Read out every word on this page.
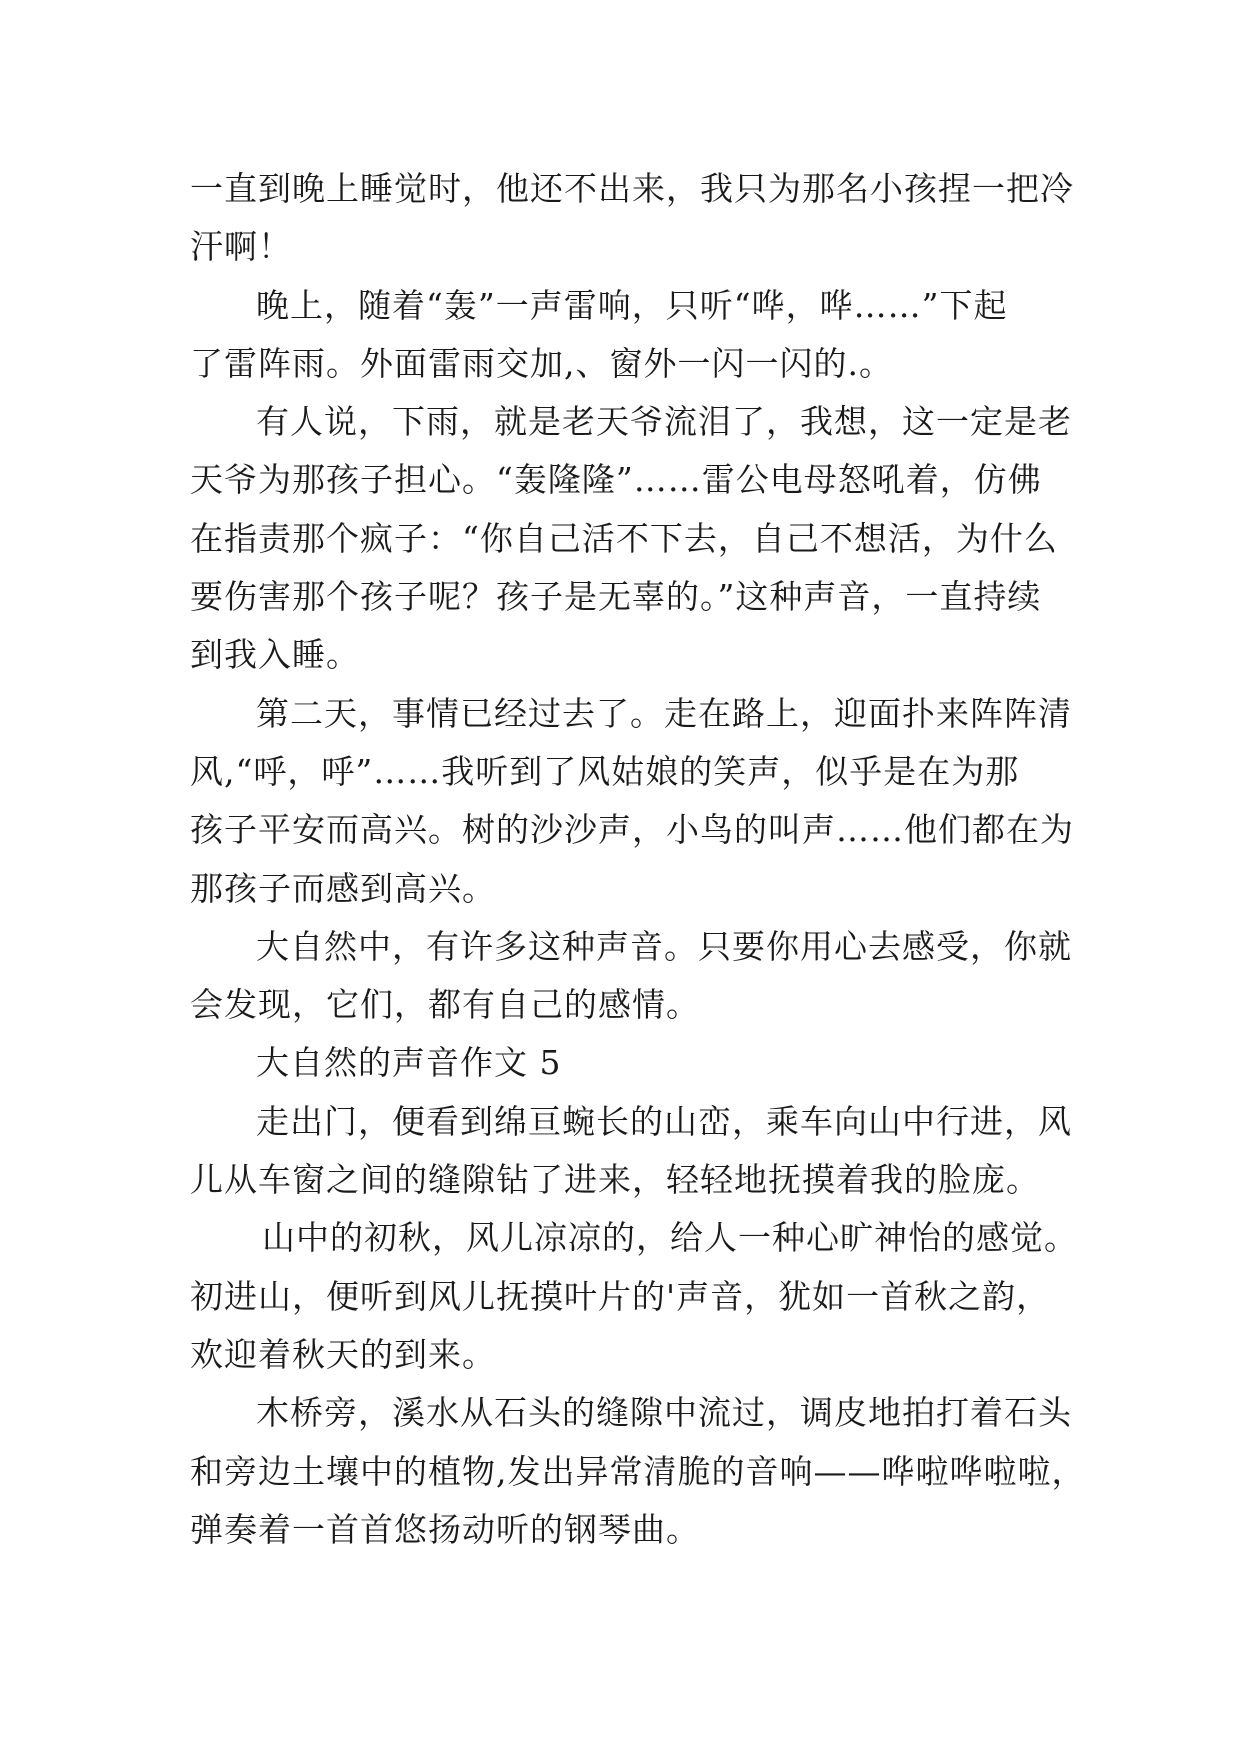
一直到晚上睡觉时，他还不出来，我只为那名小孩捏一把冷
汗啊！
晚上，随着“轰”一声雷响，只听“哗，哗……”下起
了雷阵雨。外面雷雨交加,、窗外一闪一闪的.。
有人说，下雨，就是老天爷流泪了，我想，这一定是老
天爷为那孩子担心。“轰隆隆”……雷公电母怒吼着，仿佛
在指责那个疯子：“你自己活不下去，自己不想活，为什么
要伤害那个孩子呢？孩子是无辜的。”这种声音，一直持续
到我入睡。
第二天，事情已经过去了。走在路上，迎面扑来阵阵清
风,“呼，呼”……我听到了风姑娘的笑声，似乎是在为那
孩子平安而高兴。树的沙沙声，小鸟的叫声……他们都在为
那孩子而感到高兴。
大自然中，有许多这种声音。只要你用心去感受，你就
会发现，它们，都有自己的感情。
大自然的声音作文 5
走出门，便看到绵亘蜿长的山峦，乘车向山中行进，风
儿从车窗之间的缝隙钻了进来，轻轻地抚摸着我的脸庞。
山中的初秋，风儿凉凉的，给人一种心旷神怡的感觉。
初进山，便听到风儿抚摸叶片的'声音，犹如一首秋之韵，
欢迎着秋天的到来。
木桥旁，溪水从石头的缝隙中流过，调皮地拍打着石头
和旁边土壤中的植物,发出异常清脆的音响——哗啦哗啦啦，
弹奏着一首首悠扬动听的钢琴曲。
